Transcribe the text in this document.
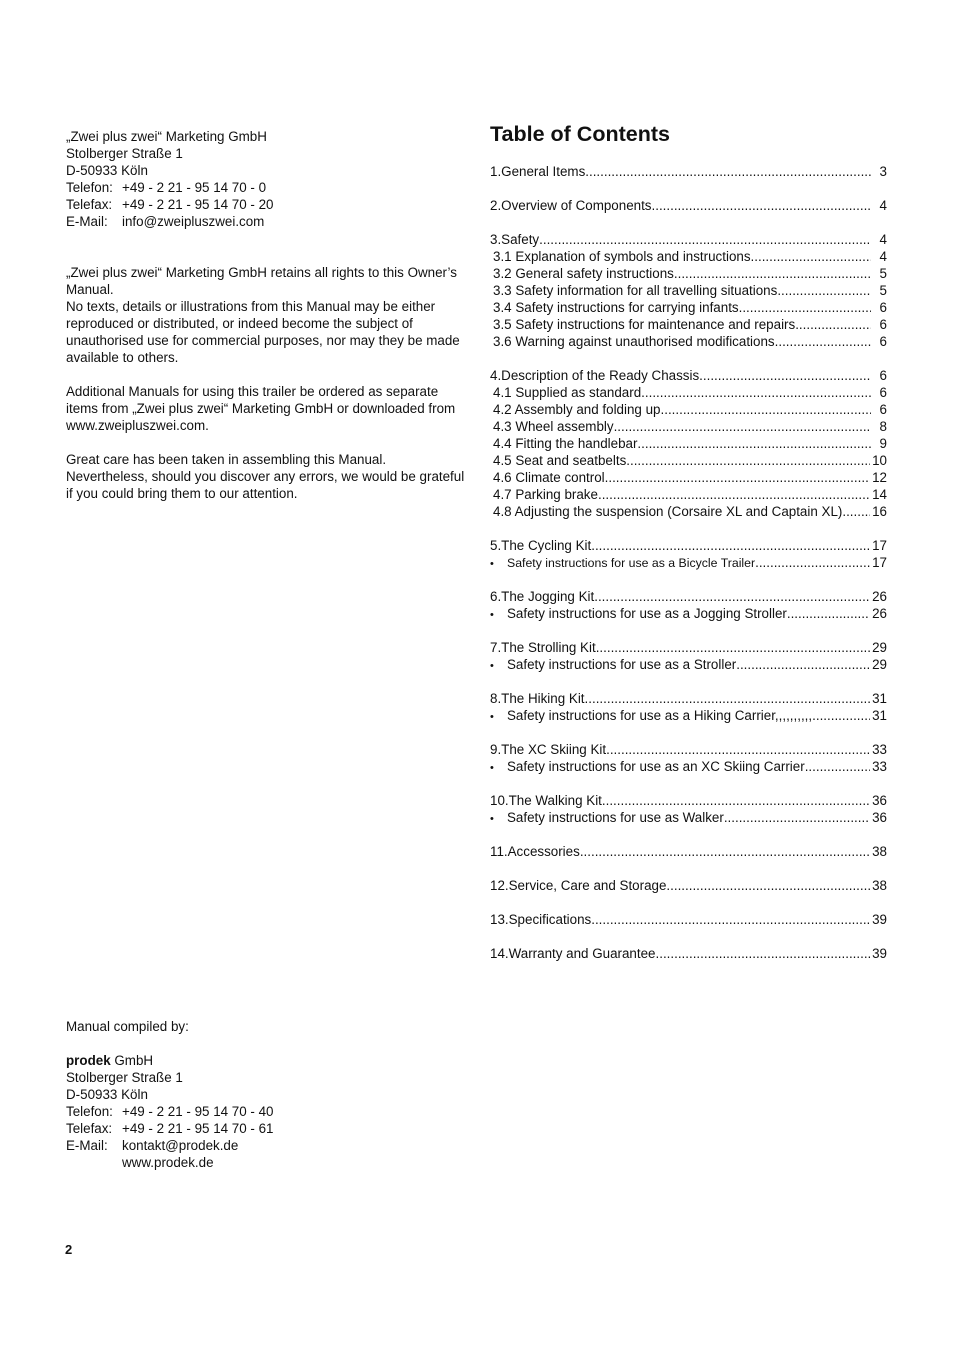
„Zwei plus zwei“ Marketing GmbH
Stolberger Straße 1
D-50933 Köln
Telefon: +49 - 2 21 - 95 14 70 - 0
Telefax: +49 - 2 21 - 95 14 70 - 20
E-Mail: info@zweipluszwei.com

„Zwei plus zwei“ Marketing GmbH retains all rights to this Owner’s Manual.

No texts, details or illustrations from this Manual may be either reproduced or distributed, or indeed become the subject of unauthorised use for commercial purposes, nor may they be made available to others.

Additional Manuals for using this trailer be ordered as separate items from „Zwei plus zwei“ Marketing GmbH or downloaded from www.zweipluszwei.com.

Great care has been taken in assembling this Manual. Nevertheless, should you discover any errors, we would be grateful if you could bring them to our attention.

Manual compiled by:
prodek GmbH
Stolberger Straße 1
D-50933 Köln
Telefon: +49 - 2 21 - 95 14 70 - 40
Telefax: +49 - 2 21 - 95 14 70 - 61
E-Mail: kontakt@prodek.de
www.prodek.de
2
Table of Contents
1.General Items .....	3
2.Overview of Components .....	4
3.Safety .....	4
3.1 Explanation of symbols and instructions .....	4
3.2 General safety instructions .....	5
3.3 Safety information for all travelling situations .....	5
3.4 Safety instructions for carrying infants .....	6
3.5 Safety instructions for maintenance and repairs .....	6
3.6 Warning against unauthorised modifications .....	6
4.Description of the Ready Chassis .....	6
4.1 Supplied as standard .....	6
4.2 Assembly and folding up .....	6
4.3 Wheel assembly .....	8
4.4 Fitting the handlebar .....	9
4.5 Seat and seatbelts .....	10
4.6 Climate control .....	12
4.7 Parking brake .....	14
4.8 Adjusting the suspension (Corsaire XL and Captain XL) ..... 16
5.The Cycling Kit .....	17
• Safety instructions for use as a Bicycle Trailer .....	17
6.The Jogging Kit .....	26
• Safety instructions for use as a Jogging Stroller .....	26
7.The Strolling Kit .....	29
• Safety instructions for use as a Stroller .....	29
8.The Hiking Kit .....	31
• Safety instructions for use as a Hiking Carrier,,,,,,,,,, .....	31
9.The XC Skiing Kit .....	33
• Safety instructions for use as an XC Skiing Carrier .....	33
10.The Walking Kit .....	36
• Safety instructions for use as Walker .....	36
11.Accessories .....	38
12.Service, Care and Storage .....	38
13.Specifications .....	39
14.Warranty and Guarantee .....	39
